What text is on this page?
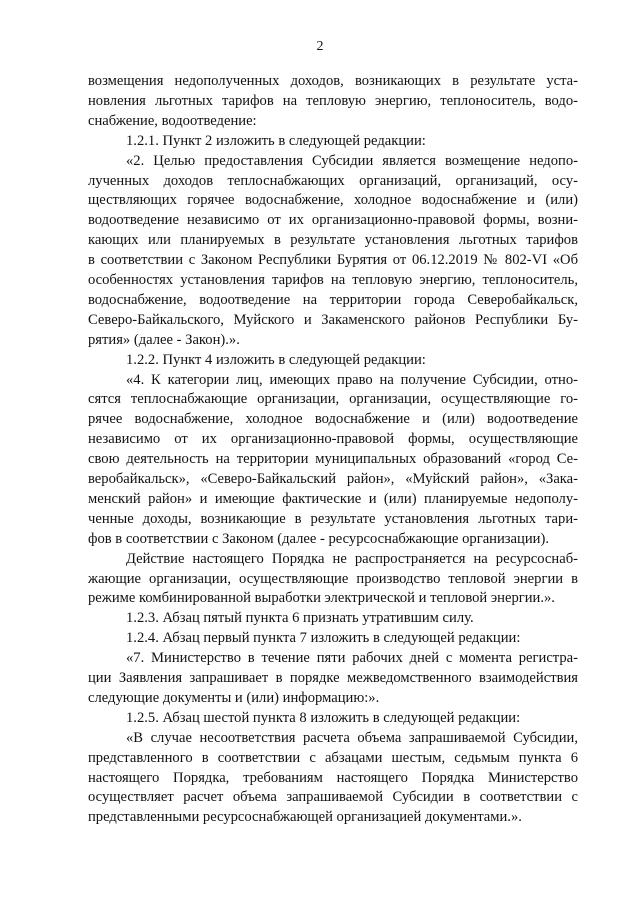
2
возмещения недополученных доходов, возникающих в результате уста-
новления льготных тарифов на тепловую энергию, теплоноситель, водо-
снабжение, водоотведение:
1.2.1. Пункт 2 изложить в следующей редакции:
«2. Целью предоставления Субсидии является возмещение недопо-
лученных доходов теплоснабжающих организаций, организаций, осу-
ществляющих горячее водоснабжение, холодное водоснабжение и (или)
водоотведение независимо от их организационно-правовой формы, возни-
кающих или планируемых в результате установления льготных тарифов
в соответствии с Законом Республики Бурятия от 06.12.2019 № 802-VI «Об
особенностях установления тарифов на тепловую энергию, теплоноситель,
водоснабжение, водоотведение на территории города Северобайкальск,
Северо-Байкальского, Муйского и Закаменского районов Республики Бу-
рятия» (далее - Закон).».
1.2.2. Пункт 4 изложить в следующей редакции:
«4. К категории лиц, имеющих право на получение Субсидии, отно-
сятся теплоснабжающие организации, организации, осуществляющие го-
рячее водоснабжение, холодное водоснабжение и (или) водоотведение
независимо от их организационно-правовой формы, осуществляющие
свою деятельность на территории муниципальных образований «город Се-
веробайкальск», «Северо-Байкальский район», «Муйский район», «Зака-
менский район» и имеющие фактические и (или) планируемые недополу-
ченные доходы, возникающие в результате установления льготных тари-
фов в соответствии с Законом (далее - ресурсоснабжающие организации).
Действие настоящего Порядка не распространяется на ресурсоснаб-
жающие организации, осуществляющие производство тепловой энергии в
режиме комбинированной выработки электрической и тепловой энергии.».
1.2.3. Абзац пятый пункта 6 признать утратившим силу.
1.2.4. Абзац первый пункта 7 изложить в следующей редакции:
«7. Министерство в течение пяти рабочих дней с момента регистра-
ции Заявления запрашивает в порядке межведомственного взаимодействия
следующие документы и (или) информацию:».
1.2.5. Абзац шестой пункта 8 изложить в следующей редакции:
«В случае несоответствия расчета объема запрашиваемой Субсидии,
представленного в соответствии с абзацами шестым, седьмым пункта 6
настоящего Порядка, требованиям настоящего Порядка Министерство
осуществляет расчет объема запрашиваемой Субсидии в соответствии с
представленными ресурсоснабжающей организацией документами.».
